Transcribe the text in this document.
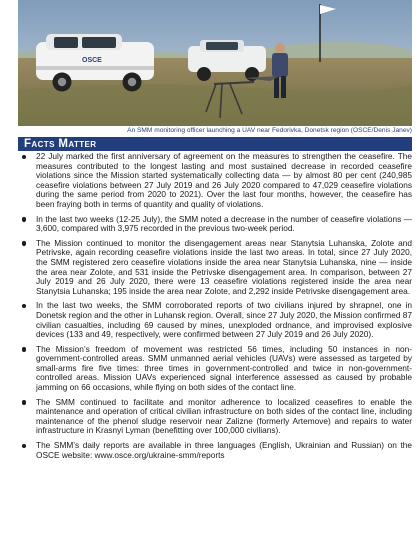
OSCE
An SMM monitoring officer launching a UAV near Fedorivka, Donetsk region (OSCE/Denis Janev)
Facts Matter
22 July marked the first anniversary of agreement on the measures to strengthen the ceasefire. The measures contributed to the longest lasting and most sustained decrease in recorded ceasefire violations since the Mission started systematically collecting data — by almost 80 per cent (240,985 ceasefire violations between 27 July 2019 and 26 July 2020 compared to 47,029 ceasefire violations during the same period from 2020 to 2021). Over the last four months, however, the ceasefire has been fraying both in terms of quantity and quality of violations.
In the last two weeks (12-25 July), the SMM noted a decrease in the number of ceasefire violations — 3,600, compared with 3,975 recorded in the previous two-week period.
The Mission continued to monitor the disengagement areas near Stanytsia Luhanska, Zolote and Petrivske, again recording ceasefire violations inside the last two areas. In total, since 27 July 2020, the SMM registered zero ceasefire violations inside the area near Stanytsia Luhanska, nine — inside the area near Zolote, and 531 inside the Petrivske disengagement area. In comparison, between 27 July 2019 and 26 July 2020, there were 13 ceasefire violations registered inside the area near Stanytsia Luhanska; 195 inside the area near Zolote, and 2,292 inside Petrivske disengagement area.
In the last two weeks, the SMM corroborated reports of two civilians injured by shrapnel, one in Donetsk region and the other in Luhansk region. Overall, since 27 July 2020, the Mission confirmed 87 civilian casualties, including 69 caused by mines, unexploded ordnance, and improvised explosive devices (133 and 49, respectively, were confirmed between 27 July 2019 and 26 July 2020).
The Mission’s freedom of movement was restricted 56 times, including 50 instances in non-government-controlled areas. SMM unmanned aerial vehicles (UAVs) were assessed as targeted by small-arms fire five times: three times in government-controlled and twice in non-government-controlled areas. Mission UAVs experienced signal interference assessed as caused by probable jamming on 66 occasions, while flying on both sides of the contact line.
The SMM continued to facilitate and monitor adherence to localized ceasefires to enable the maintenance and operation of critical civilian infrastructure on both sides of the contact line, including maintenance of the phenol sludge reservoir near Zalizne (formerly Artemove) and repairs to water infrastructure in Krasnyi Lyman (benefitting over 100,000 civilians).
The SMM’s daily reports are available in three languages (English, Ukrainian and Russian) on the OSCE website: www.osce.org/ukraine-smm/reports
